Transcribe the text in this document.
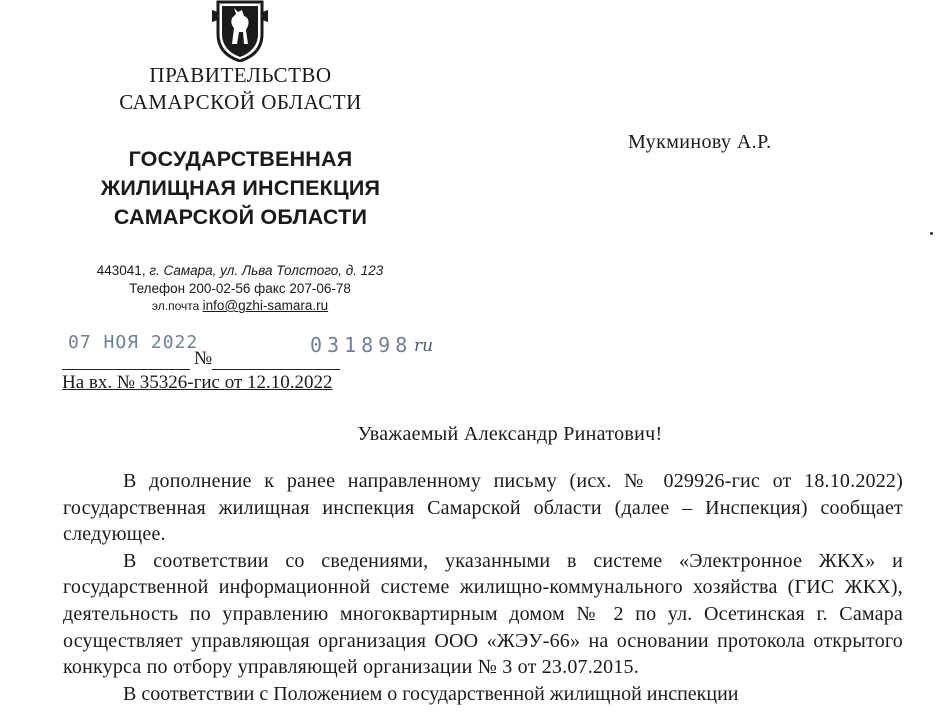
ПРАВИТЕЛЬСТВО
САМАРСКОЙ ОБЛАСТИ
ГОСУДАРСТВЕННАЯ
ЖИЛИЩНАЯ ИНСПЕКЦИЯ
САМАРСКОЙ ОБЛАСТИ
443041, г. Самара, ул. Льва Толстого, д. 123
Телефон 200-02-56 факс 207-06-78
эл.почта info@gzhi-samara.ru
07 НОЯ 2022	031898 ru
№
На вх. № 35326-гис от 12.10.2022
Мукминову А.Р.
Уважаемый Александр Ринатович!

В дополнение к ранее направленному письму (исх. № 029926-гис от 18.10.2022) государственная жилищная инспекция Самарской области (далее – Инспекция) сообщает следующее.

В соответствии со сведениями, указанными в системе «Электронное ЖКХ» и государственной информационной системе жилищно-коммунального хозяйства (ГИС ЖКХ), деятельность по управлению многоквартирным домом № 2 по ул. Осетинская г. Самара осуществляет управляющая организация ООО «ЖЭУ-66» на основании протокола открытого конкурса по отбору управляющей организации № 3 от 23.07.2015.

В соответствии с Положением о государственной жилищной инспекции
